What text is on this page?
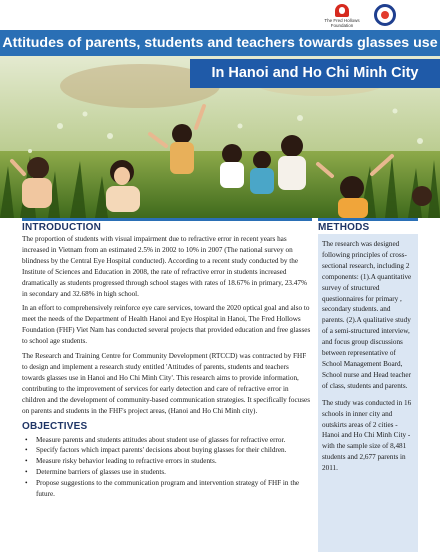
The Fred Hollows Foundation
Attitudes of parents, students and teachers towards glasses use
In Hanoi and Ho Chi Minh City
INTRODUCTION

The proportion of students with visual impairment due to refractive error in recent years has increased in Vietnam from an estimated 2.5% in 2002 to 10% in 2007 (The national survey on blindness by the Central Eye Hospital conducted). According to a recent study conducted by the Institute of Sciences and Education in 2008, the rate of refractive error in students increased dramatically as students progressed through school stages with rates of 18.67% in primary, 23.47% in secondary and 32.68% in high school.

In an effort to comprehensively reinforce eye care services, toward the 2020 optical goal and also to meet the needs of the Department of Health Hanoi and Eye Hospital in Hanoi, The Fred Hollows Foundation (FHF) Viet Nam has conducted several projects that provided education and free glasses to school age students.

The Research and Training Centre for Community Development (RTCCD) was contracted by FHF to design and implement a research study entitled 'Attitudes of parents, students and teachers towards glasses use in Hanoi and Ho Chi Minh City'. This research aims to provide information, contributing to the improvement of services for early detection and care of refractive error in children and the development of community-based communication strategies. It specifically focuses on parents and students in the FHF's project areas, (Hanoi and Ho Chi Minh city).

OBJECTIVES
• Measure parents and students attitudes about student use of glasses for refractive error.
• Specify factors which impact parents' decisions about buying glasses for their children.
• Measure risky behavior leading to refractive errors in students.
• Determine barriers of glasses use in students.
• Propose suggestions to the communication program and intervention strategy of FHF in the future.
METHODS

The research was designed following principles of cross-sectional research, including 2 components: (1).A quantitative survey of structured questionnaires for primary , secondary students. and parents. (2).A qualitative study of a semi-structured interview, and focus group discussions between representative of School Management Board, School nurse and Head teacher of class, students and parents.

The study was conducted in 16 schools in inner city and outskirts areas of 2 cities - Hanoi and Ho Chi Minh City -with the sample size of 8,481 students and 2,677 parents in 2011.
